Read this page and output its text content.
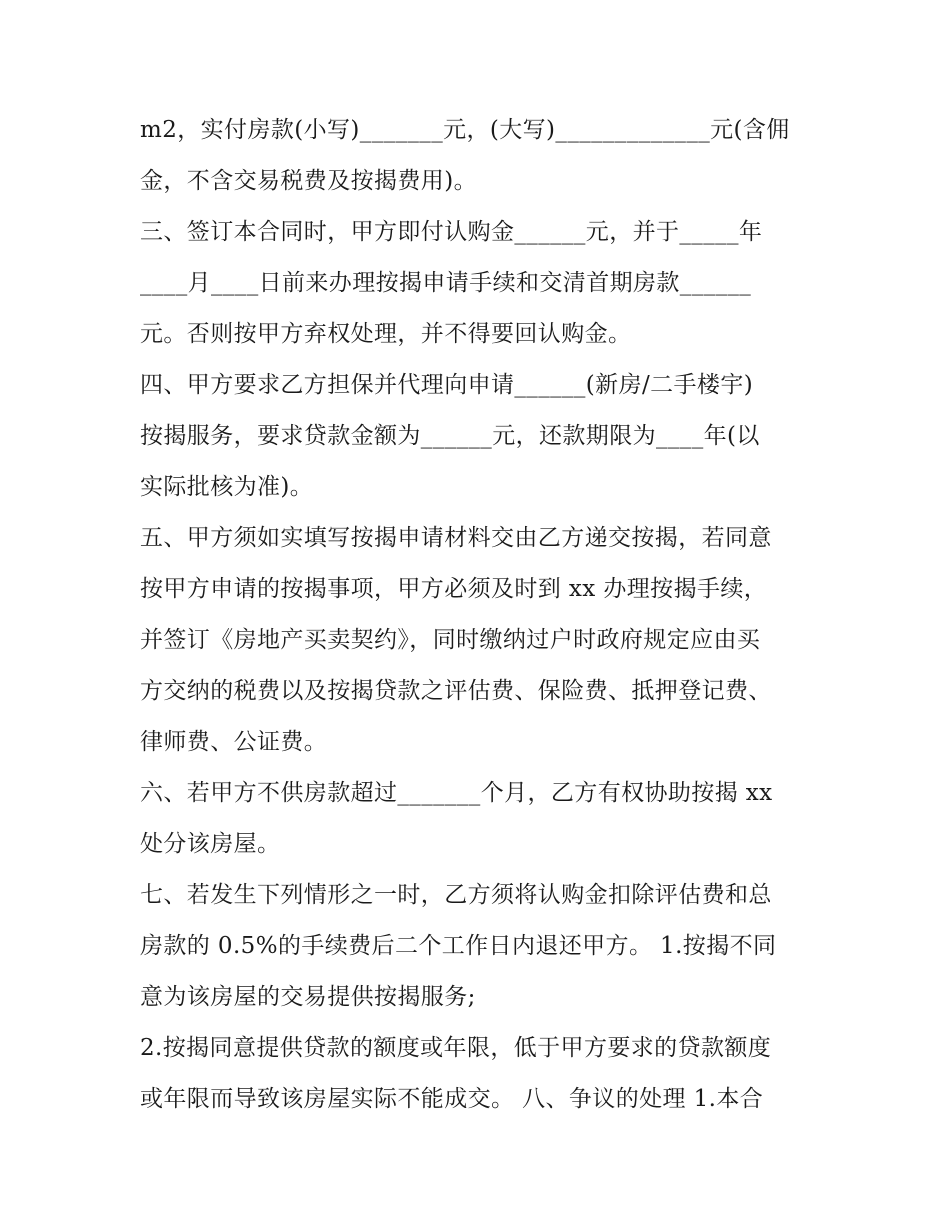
m2，实付房款(小写)_______元，(大写)_____________元(含佣
金，不含交易税费及按揭费用)。
三、签订本合同时，甲方即付认购金______元，并于_____年
____月____日前来办理按揭申请手续和交清首期房款______
元。否则按甲方弃权处理，并不得要回认购金。
四、甲方要求乙方担保并代理向申请______(新房/二手楼宇)
按揭服务，要求贷款金额为______元，还款期限为____年(以
实际批核为准)。
五、甲方须如实填写按揭申请材料交由乙方递交按揭，若同意
按甲方申请的按揭事项，甲方必须及时到 xx 办理按揭手续，
并签订《房地产买卖契约》，同时缴纳过户时政府规定应由买
方交纳的税费以及按揭贷款之评估费、保险费、抵押登记费、
律师费、公证费。
六、若甲方不供房款超过_______个月，乙方有权协助按揭 xx
处分该房屋。
七、若发生下列情形之一时，乙方须将认购金扣除评估费和总
房款的 0.5%的手续费后二个工作日内退还甲方。 1.按揭不同
意为该房屋的交易提供按揭服务;
2.按揭同意提供贷款的额度或年限，低于甲方要求的贷款额度
或年限而导致该房屋实际不能成交。 八、争议的处理 1.本合
